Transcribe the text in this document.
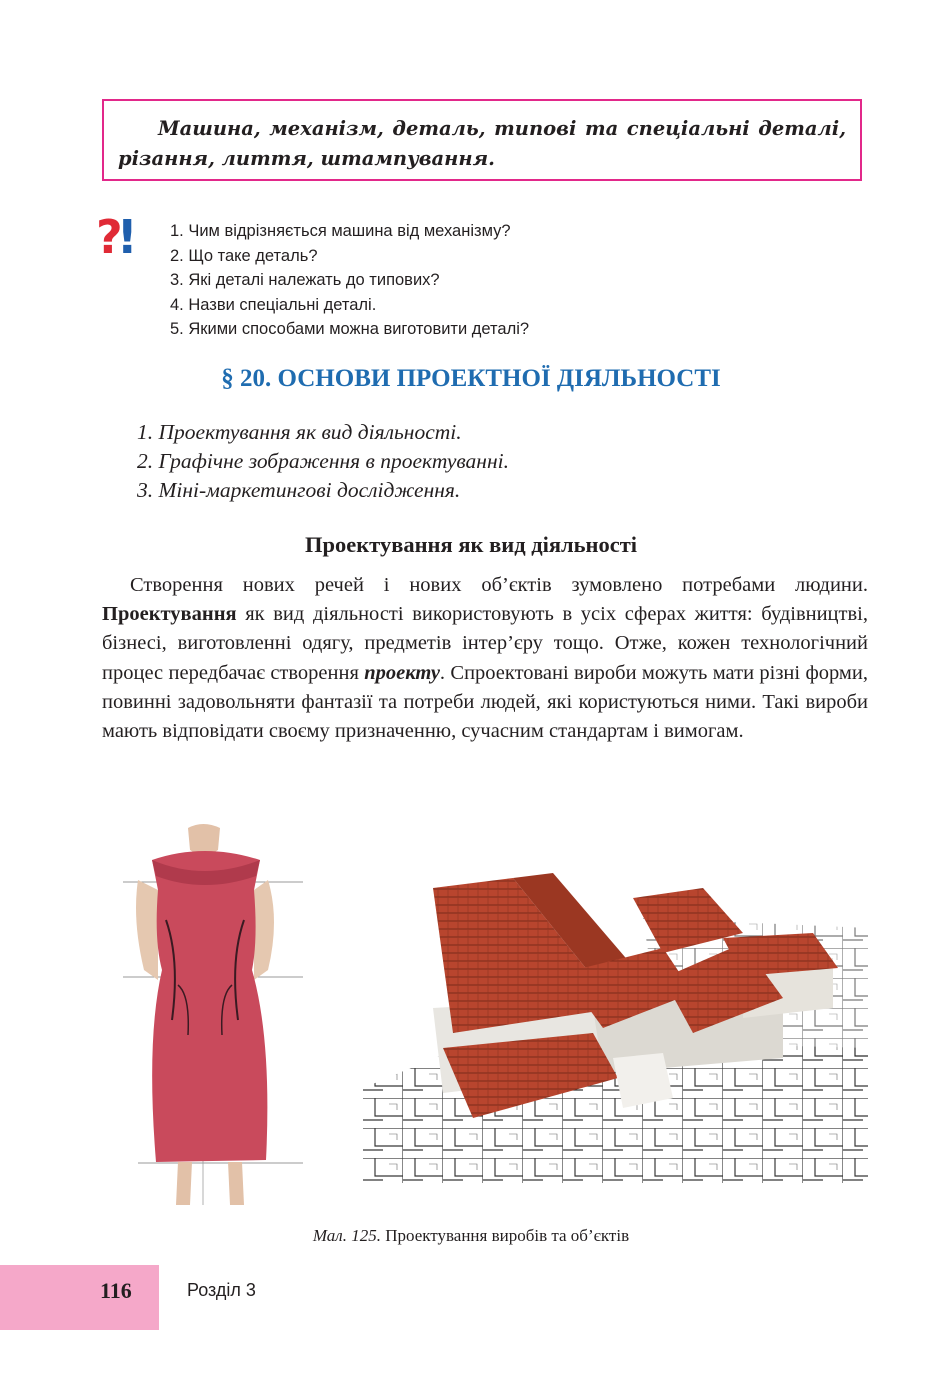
Машина, механізм, деталь, типові та спеціальні деталі, різання, лиття, штампування.

?! 1. Чим відрізняється машина від механізму?
2. Що таке деталь?
3. Які деталі належать до типових?
4. Назви спеціальні деталі.
5. Якими способами можна виготовити деталі?
§ 20. ОСНОВИ ПРОЕКТНОЇ ДІЯЛЬНОСТІ
1. Проектування як вид діяльності.
2. Графічне зображення в проектуванні.
3. Міні-маркетингові дослідження.
Проектування як вид діяльності

Створення нових речей і нових об’єктів зумовлено потребами людини. Проектування як вид діяльності використовують в усіх сферах життя: будівництві, бізнесі, виготовленні одягу, предметів інтер’єру тощо. Отже, кожен технологічний процес передбачає створення проекту. Спроектовані вироби можуть мати різні форми, повинні задовольняти фантазії та потреби людей, які користуються ними. Такі вироби мають відповідати своєму призначенню, сучасним стандартам і вимогам.

Мал. 125. Проектування виробів та об’єктів
116	Розділ 3
